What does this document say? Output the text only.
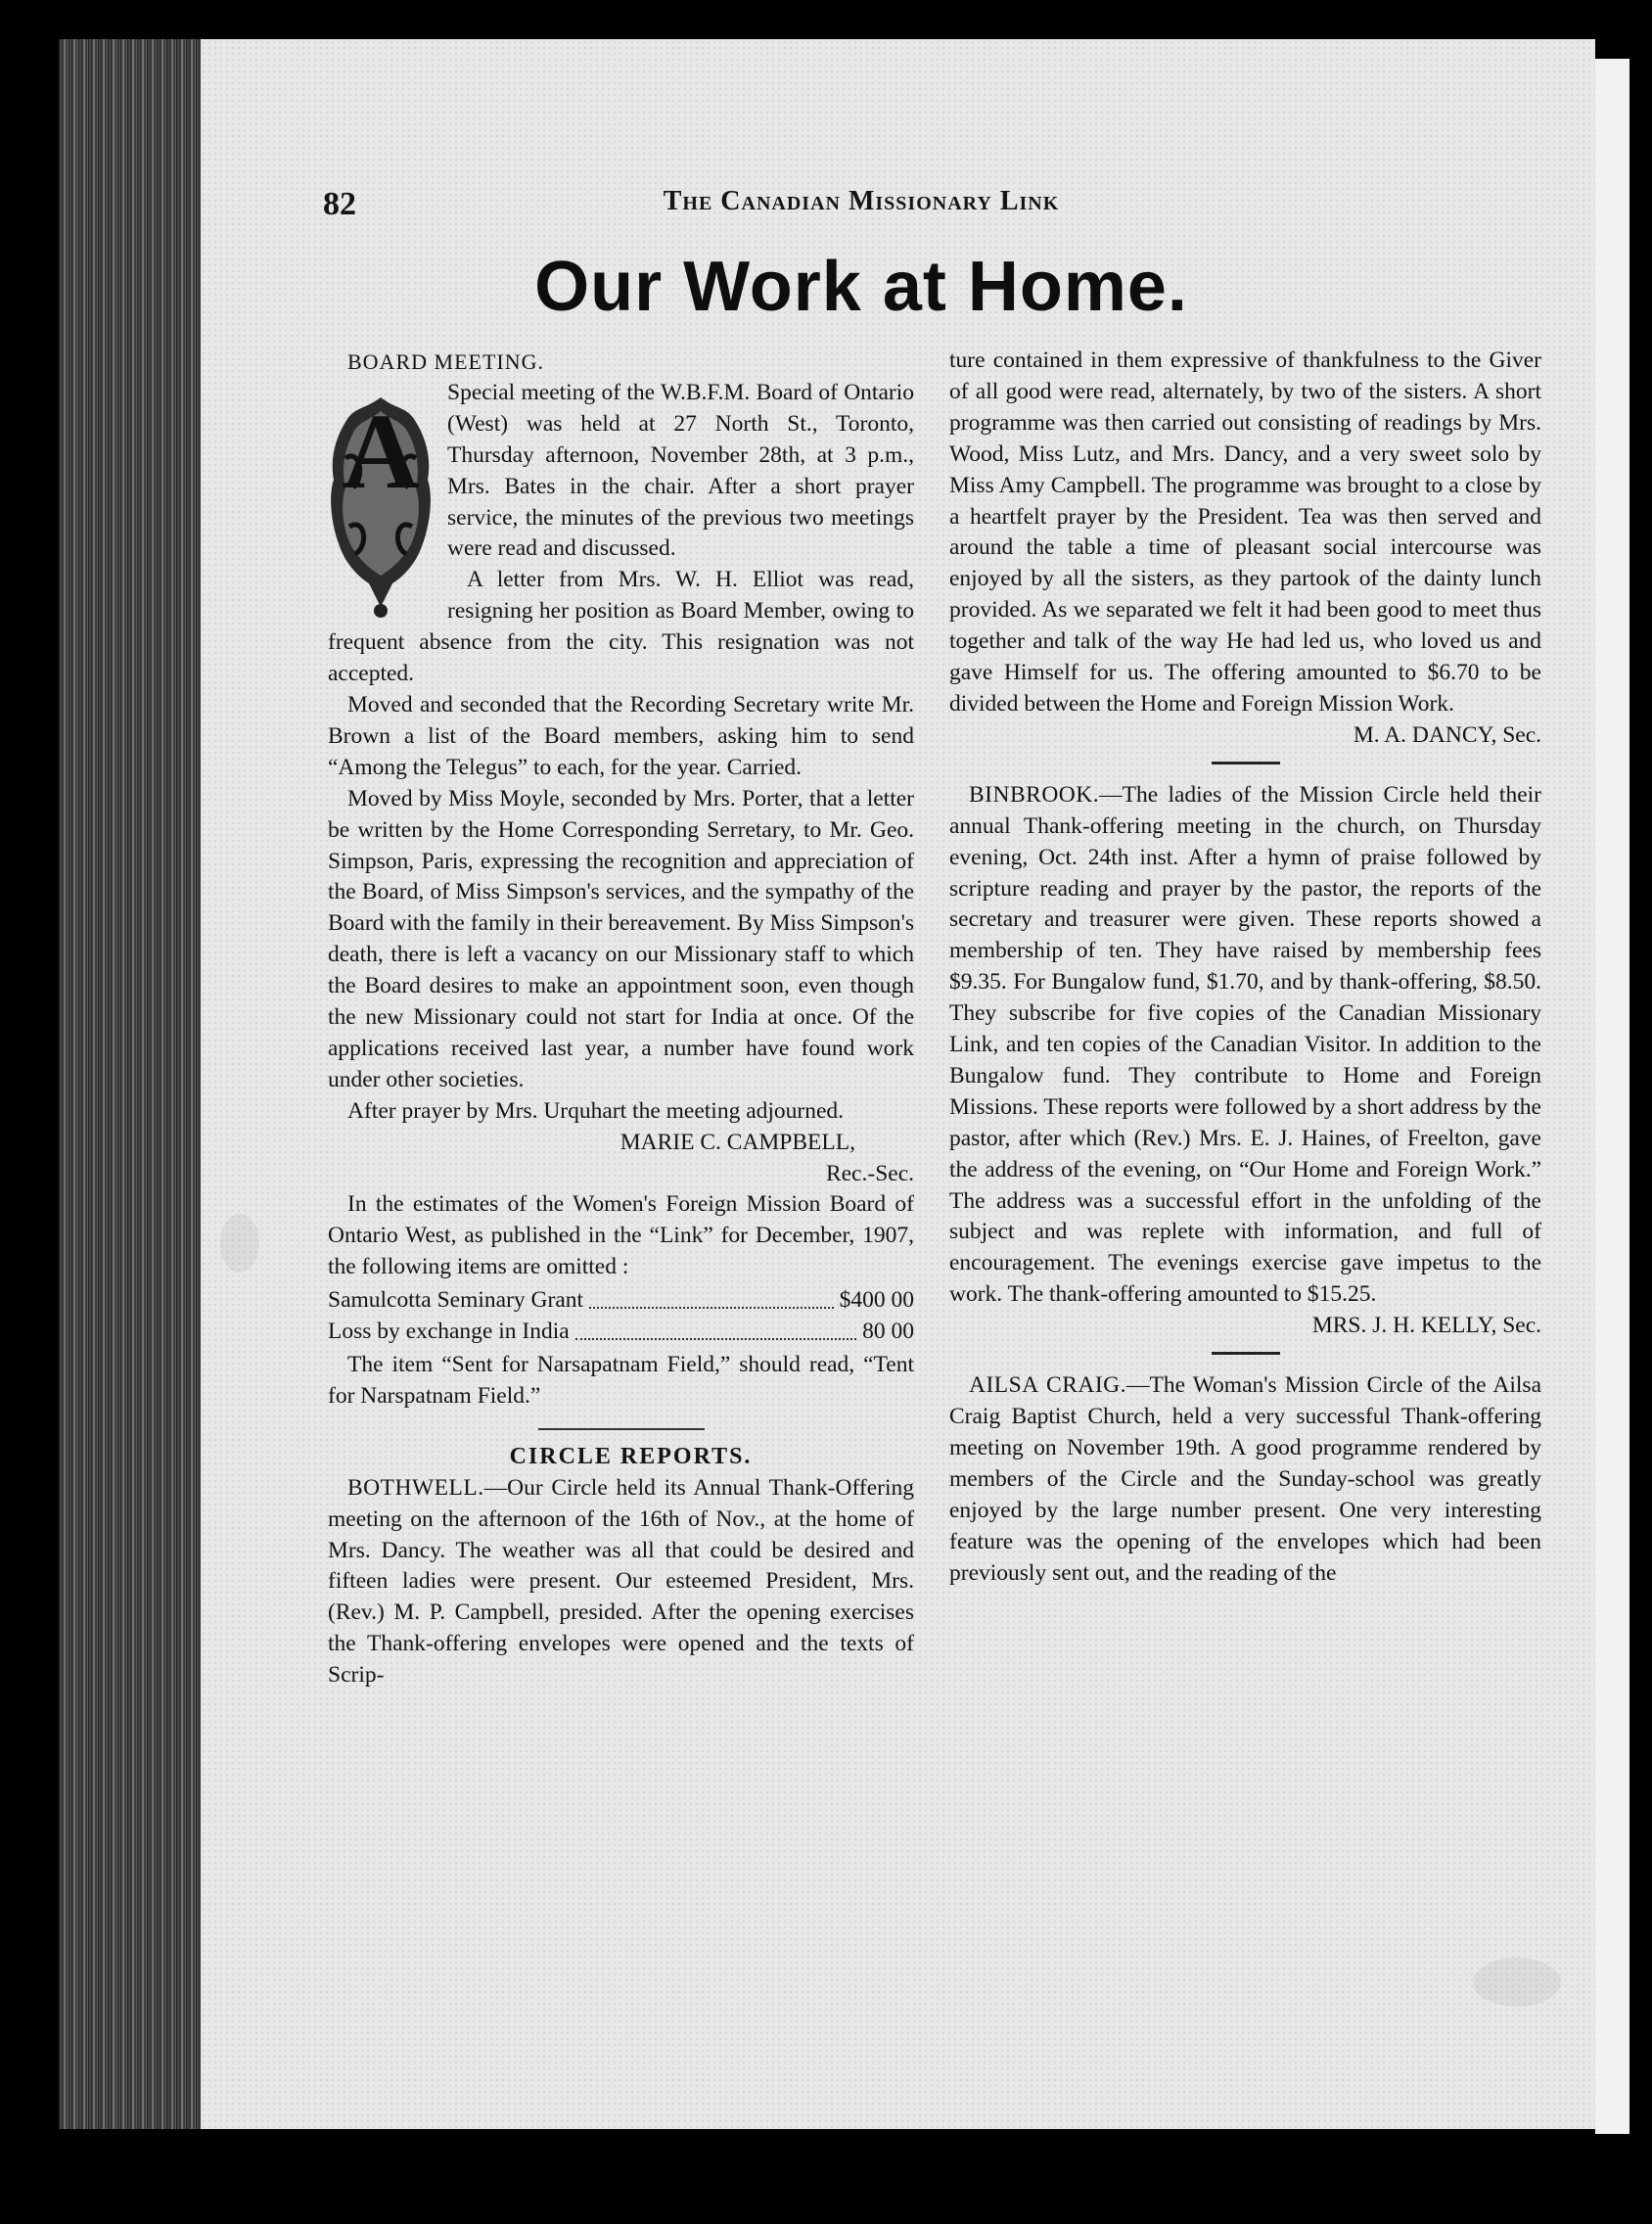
82	The Canadian Missionary Link
Our Work at Home.

BOARD MEETING.

A	Special meeting of the W.B.F.M. Board of Ontario (West) was held at 27 North St., Toronto, Thursday afternoon, November 28th, at 3 p.m., Mrs. Bates in the chair. After a short prayer service, the minutes of the previous two meetings were read and discussed.

A letter from Mrs. W. H. Elliot was read, resigning her position as Board Member, owing to frequent absence from the city. This resignation was not accepted.

Moved and seconded that the Recording Secretary write Mr. Brown a list of the Board members, asking him to send “Among the Telegus” to each, for the year. Carried.

Moved by Miss Moyle, seconded by Mrs. Porter, that a letter be written by the Home Corresponding Serretary, to Mr. Geo. Simpson, Paris, expressing the recognition and appreciation of the Board, of Miss Simpson's services, and the sympathy of the Board with the family in their bereavement. By Miss Simpson's death, there is left a vacancy on our Missionary staff to which the Board desires to make an appointment soon, even though the new Missionary could not start for India at once. Of the applications received last year, a number have found work under other societies.

After prayer by Mrs. Urquhart the meeting adjourned.

MARIE C. CAMPBELL,

Rec.-Sec.

In the estimates of the Women's Foreign Mission Board of Ontario West, as published in the “Link” for December, 1907, the following items are omitted :

Samulcotta Seminary Grant	$400 00
Loss by exchange in India	80 00

The item “Sent for Narsapatnam Field,” should read, “Tent for Narspatnam Field.”

CIRCLE REPORTS.

BOTHWELL.—Our Circle held its Annual Thank-Offering meeting on the afternoon of the 16th of Nov., at the home of Mrs. Dancy. The weather was all that could be desired and fifteen ladies were present. Our esteemed President, Mrs. (Rev.) M. P. Campbell, presided. After the opening exercises the Thank-offering envelopes were opened and the texts of Scrip-

ture contained in them expressive of thankfulness to the Giver of all good were read, alternately, by two of the sisters. A short programme was then carried out consisting of readings by Mrs. Wood, Miss Lutz, and Mrs. Dancy, and a very sweet solo by Miss Amy Campbell. The programme was brought to a close by a heartfelt prayer by the President. Tea was then served and around the table a time of pleasant social intercourse was enjoyed by all the sisters, as they partook of the dainty lunch provided. As we separated we felt it had been good to meet thus together and talk of the way He had led us, who loved us and gave Himself for us. The offering amounted to $6.70 to be divided between the Home and Foreign Mission Work.

M. A. DANCY, Sec.

BINBROOK.—The ladies of the Mission Circle held their annual Thank-offering meeting in the church, on Thursday evening, Oct. 24th inst. After a hymn of praise followed by scripture reading and prayer by the pastor, the reports of the secretary and treasurer were given. These reports showed a membership of ten. They have raised by membership fees $9.35. For Bungalow fund, $1.70, and by thank-offering, $8.50. They subscribe for five copies of the Canadian Missionary Link, and ten copies of the Canadian Visitor. In addition to the Bungalow fund. They contribute to Home and Foreign Missions. These reports were followed by a short address by the pastor, after which (Rev.) Mrs. E. J. Haines, of Freelton, gave the address of the evening, on “Our Home and Foreign Work.” The address was a successful effort in the unfolding of the subject and was replete with information, and full of encouragement. The evenings exercise gave impetus to the work. The thank-offering amounted to $15.25.

MRS. J. H. KELLY, Sec.

AILSA CRAIG.—The Woman's Mission Circle of the Ailsa Craig Baptist Church, held a very successful Thank-offering meeting on November 19th. A good programme rendered by members of the Circle and the Sunday-school was greatly enjoyed by the large number present. One very interesting feature was the opening of the envelopes which had been previously sent out, and the reading of the
